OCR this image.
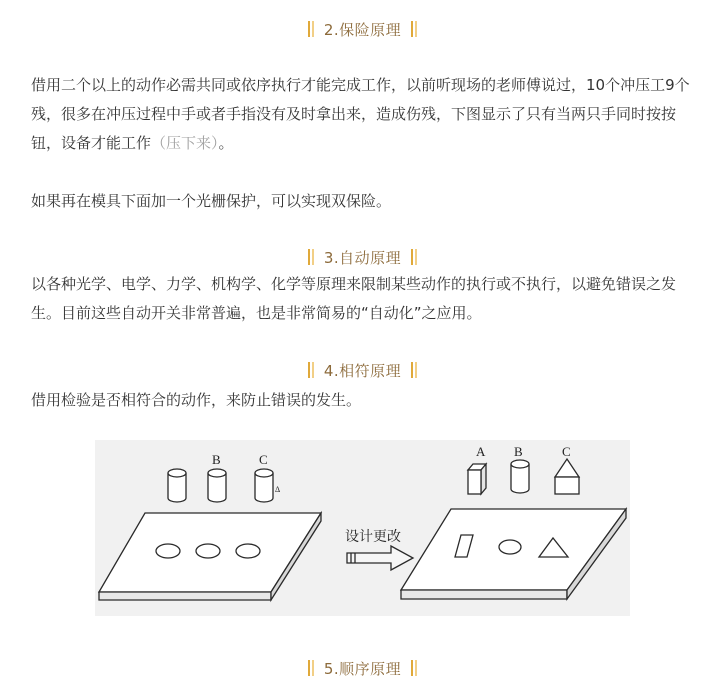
2.保险原理

借用二个以上的动作必需共同或依序执行才能完成工作，以前听现场的老师傅说过，10个冲压工9个残，很多在冲压过程中手或者手指没有及时拿出来，造成伤残，下图显示了只有当两只手同时按按钮，设备才能工作（压下来）。

如果再在模具下面加一个光栅保护，可以实现双保险。

3.自动原理

以各种光学、电学、力学、机构学、化学等原理来限制某些动作的执行或不执行，以避免错误之发生。目前这些自动开关非常普遍，也是非常简易的“自动化”之应用。

4.相符原理

借用检验是否相符合的动作，来防止错误的发生。

B	C
Δ
A B	C
设计更改
5.顺序原理
